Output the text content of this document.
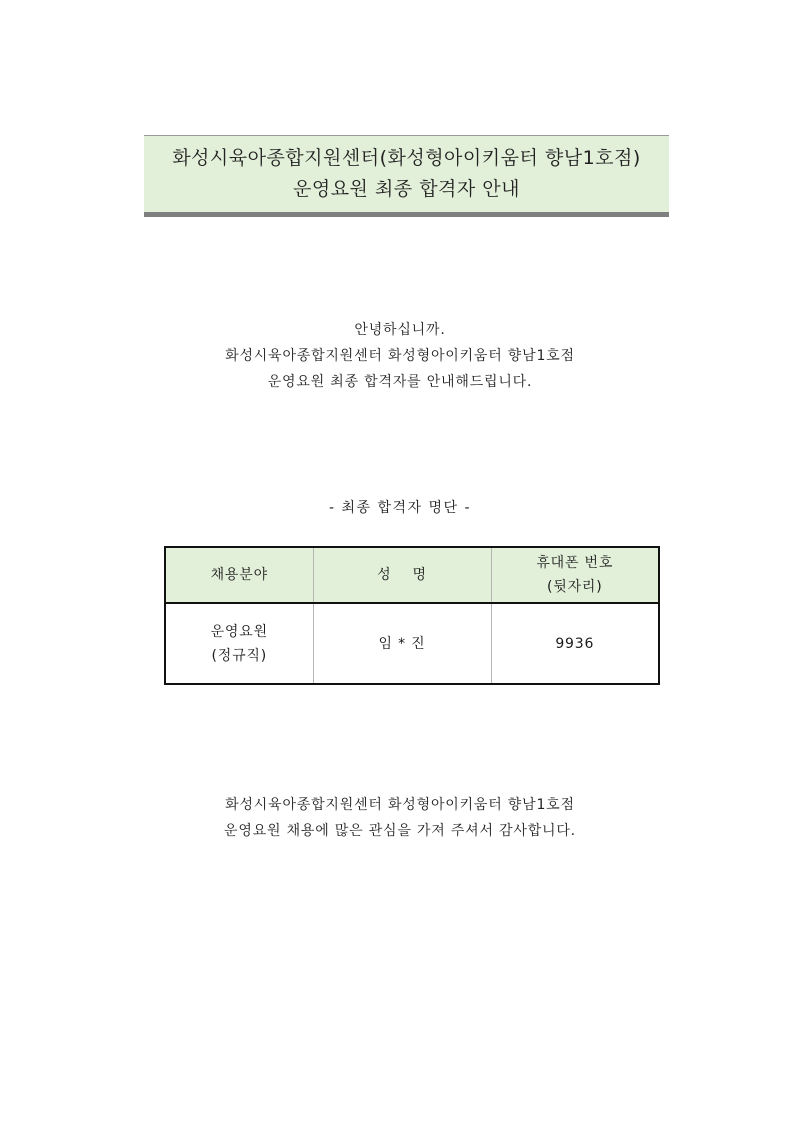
화성시육아종합지원센터(화성형아이키움터 향남1호점)
운영요원 최종 합격자 안내
안녕하십니까.
화성시육아종합지원센터 화성형아이키움터 향남1호점
운영요원 최종 합격자를 안내해드립니다.
- 최종 합격자 명단 -
채용분야	성    명	휴대폰 번호
(뒷자리)

운영요원
(정규직)	임 * 진	9936
화성시육아종합지원센터 화성형아이키움터 향남1호점
운영요원 채용에 많은 관심을 가져 주셔서 감사합니다.
